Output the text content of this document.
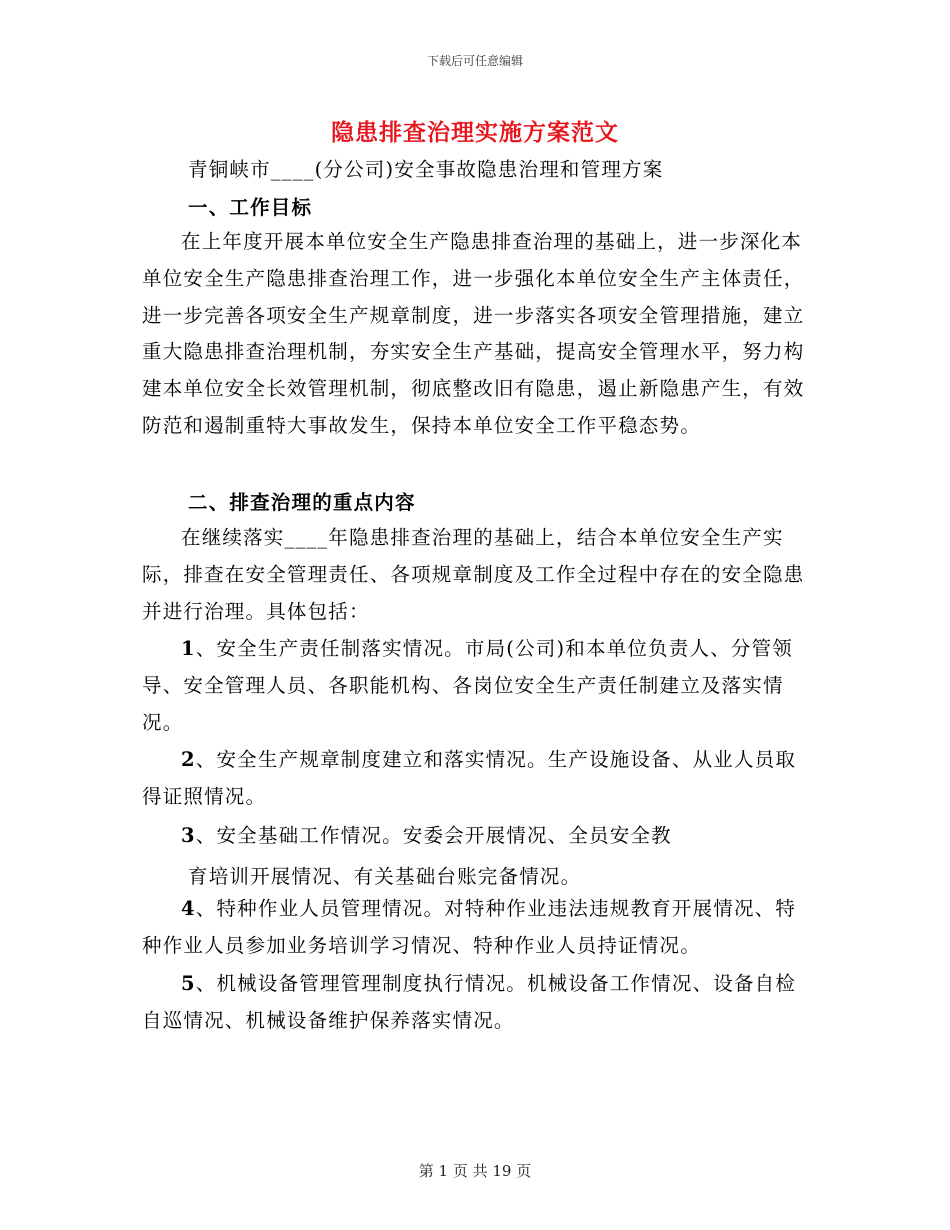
下载后可任意编辑
隐患排查治理实施方案范文
青铜峡市____(分公司)安全事故隐患治理和管理方案
一、工作目标
在上年度开展本单位安全生产隐患排查治理的基础上，进一步深化本单位安全生产隐患排查治理工作，进一步强化本单位安全生产主体责任，进一步完善各项安全生产规章制度，进一步落实各项安全管理措施，建立重大隐患排查治理机制，夯实安全生产基础，提高安全管理水平，努力构建本单位安全长效管理机制，彻底整改旧有隐患，遏止新隐患产生，有效防范和遏制重特大事故发生，保持本单位安全工作平稳态势。
二、排查治理的重点内容
在继续落实____年隐患排查治理的基础上，结合本单位安全生产实际，排查在安全管理责任、各项规章制度及工作全过程中存在的安全隐患并进行治理。具体包括：
1、安全生产责任制落实情况。市局(公司)和本单位负责人、分管领导、安全管理人员、各职能机构、各岗位安全生产责任制建立及落实情况。
2、安全生产规章制度建立和落实情况。生产设施设备、从业人员取得证照情况。
3、安全基础工作情况。安委会开展情况、全员安全教
育培训开展情况、有关基础台账完备情况。
4、特种作业人员管理情况。对特种作业违法违规教育开展情况、特种作业人员参加业务培训学习情况、特种作业人员持证情况。
5、机械设备管理管理制度执行情况。机械设备工作情况、设备自检自巡情况、机械设备维护保养落实情况。
第 1 页 共 19 页
